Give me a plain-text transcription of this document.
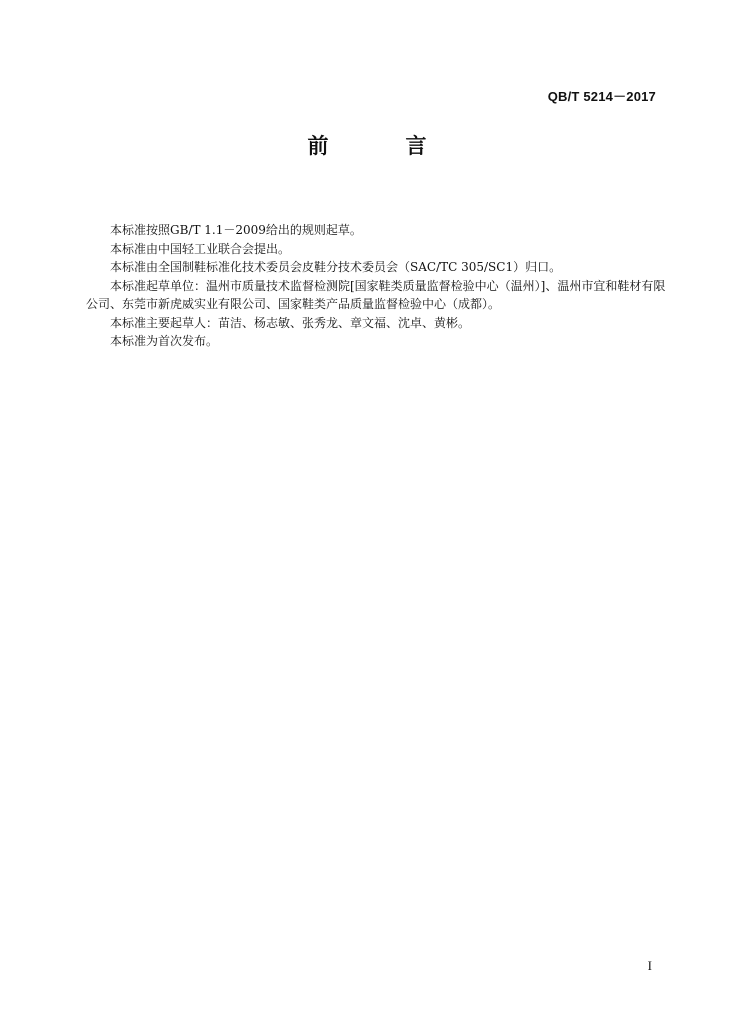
QB/T 5214－2017
前　言

本标准按照GB/T 1.1－2009给出的规则起草。

本标准由中国轻工业联合会提出。

本标准由全国制鞋标准化技术委员会皮鞋分技术委员会（SAC/TC 305/SC1）归口。

本标准起草单位：温州市质量技术监督检测院[国家鞋类质量监督检验中心（温州）]、温州市宜和鞋材有限公司、东莞市新虎威实业有限公司、国家鞋类产品质量监督检验中心（成都）。

本标准主要起草人：苗洁、杨志敏、张秀龙、章文福、沈卓、黄彬。

本标准为首次发布。

I
